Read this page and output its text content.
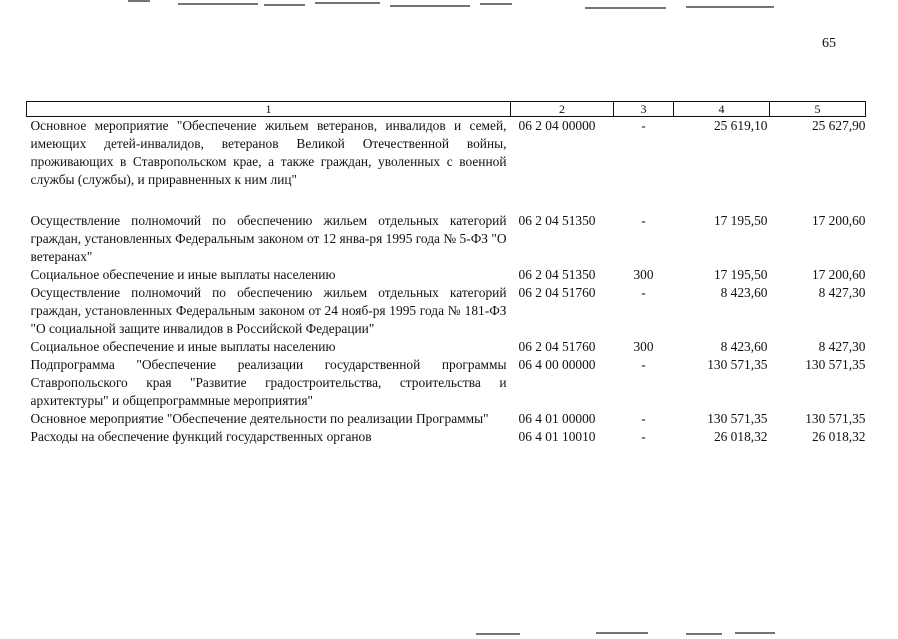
65
1	2	3	4	5
Основное мероприятие "Обеспечение жильем ветеранов, инвалидов и семей, имеющих детей-инвалидов, ветеранов Великой Отечественной войны, проживающих в Ставропольском крае, а также граждан, уволенных с военной службы (службы), и приравненных к ним лиц"	06 2 04 00000	-	25 619,10	25 627,90

Осуществление полномочий по обеспечению жильем отдельных категорий граждан, установленных Федеральным законом от 12 янва-ря 1995 года № 5-ФЗ "О ветеранах"	06 2 04 51350	-	17 195,50	17 200,60
Социальное обеспечение и иные выплаты населению	06 2 04 51350	300	17 195,50	17 200,60
Осуществление полномочий по обеспечению жильем отдельных категорий граждан, установленных Федеральным законом от 24 нояб-ря 1995 года № 181-ФЗ "О социальной защите инвалидов в Российской Федерации"	06 2 04 51760	-	8 423,60	8 427,30
Социальное обеспечение и иные выплаты населению	06 2 04 51760	300	8 423,60	8 427,30
Подпрограмма "Обеспечение реализации государственной программы Ставропольского края "Развитие градостроительства, строительства и архитектуры" и общепрограммные мероприятия"	06 4 00 00000	-	130 571,35	130 571,35
Основное мероприятие "Обеспечение деятельности по реализации Программы"	06 4 01 00000	-	130 571,35	130 571,35
Расходы на обеспечение функций государственных органов	06 4 01 10010	-	26 018,32	26 018,32
